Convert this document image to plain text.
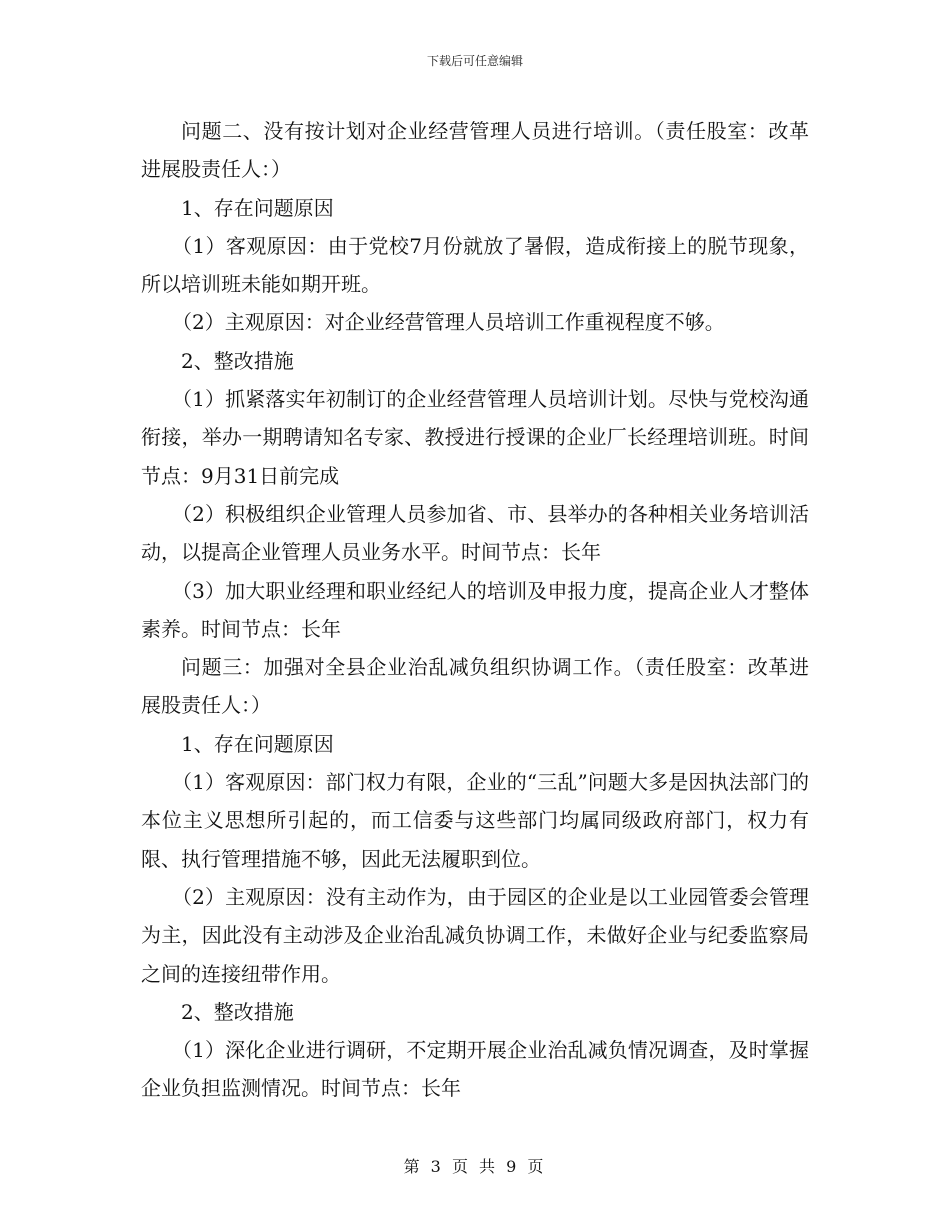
下载后可任意编辑

问题二、没有按计划对企业经营管理人员进行培训。（责任股室：改革进展股责任人：）

1、存在问题原因

（1）客观原因：由于党校7月份就放了暑假，造成衔接上的脱节现象，所以培训班未能如期开班。

（2）主观原因：对企业经营管理人员培训工作重视程度不够。

2、整改措施

（1）抓紧落实年初制订的企业经营管理人员培训计划。尽快与党校沟通衔接，举办一期聘请知名专家、教授进行授课的企业厂长经理培训班。时间节点：9月31日前完成

（2）积极组织企业管理人员参加省、市、县举办的各种相关业务培训活动，以提高企业管理人员业务水平。时间节点：长年

（3）加大职业经理和职业经纪人的培训及申报力度，提高企业人才整体素养。时间节点：长年

问题三：加强对全县企业治乱减负组织协调工作。（责任股室：改革进展股责任人：）

1、存在问题原因

（1）客观原因：部门权力有限，企业的“三乱”问题大多是因执法部门的本位主义思想所引起的，而工信委与这些部门均属同级政府部门，权力有限、执行管理措施不够，因此无法履职到位。

（2）主观原因：没有主动作为，由于园区的企业是以工业园管委会管理为主，因此没有主动涉及企业治乱减负协调工作，未做好企业与纪委监察局之间的连接纽带作用。

2、整改措施

（1）深化企业进行调研，不定期开展企业治乱减负情况调查，及时掌握企业负担监测情况。时间节点：长年

第 3 页 共 9 页
